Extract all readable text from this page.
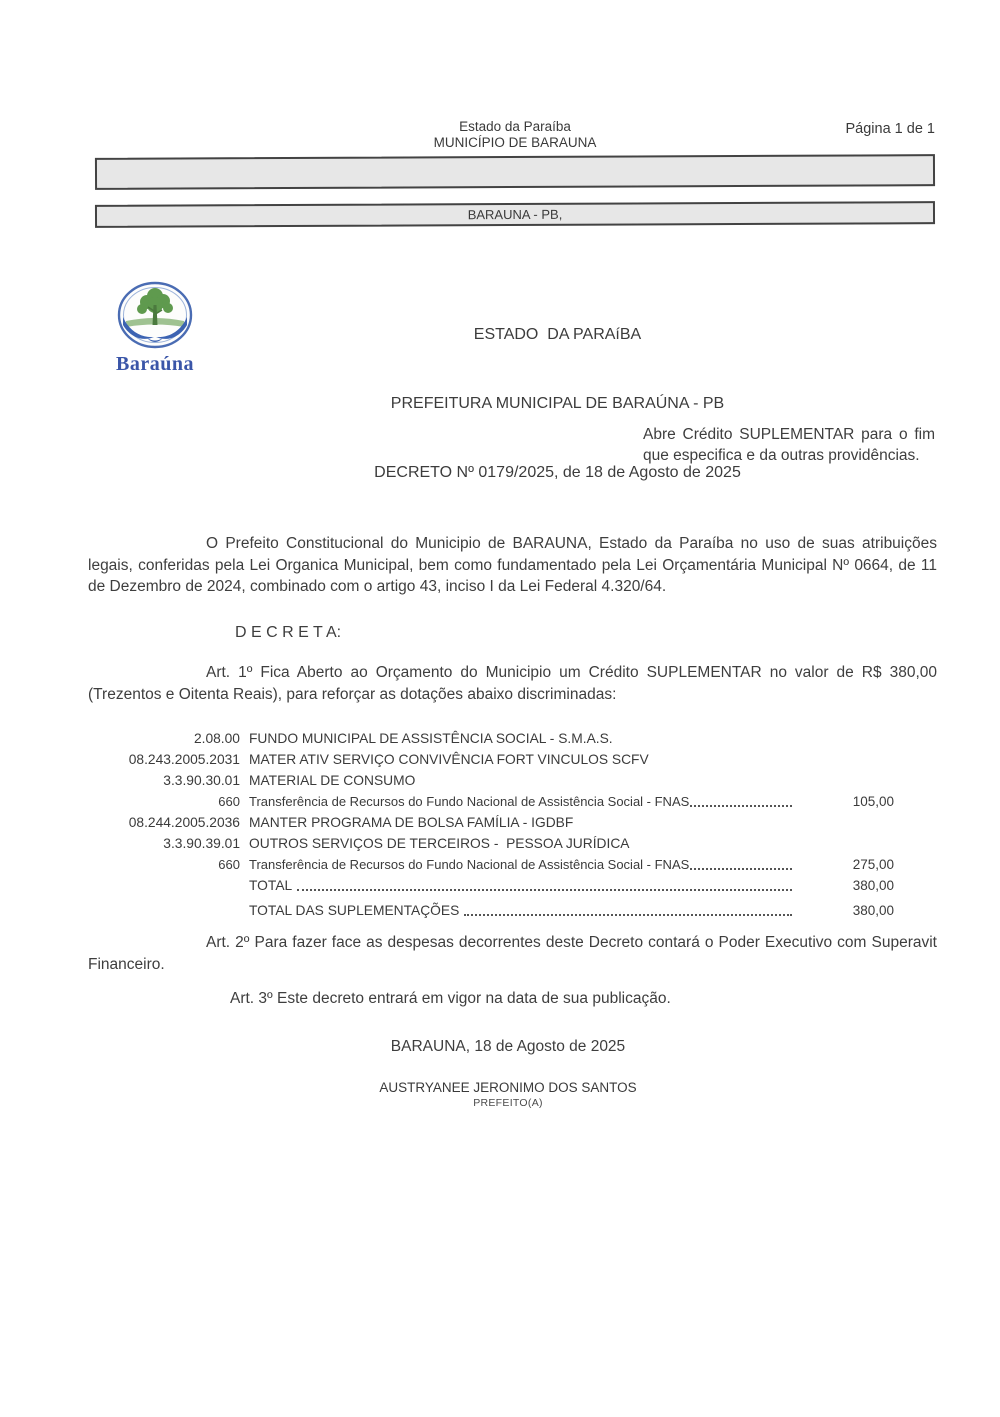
Estado da Paraíba
MUNICÍPIO DE BARAUNA
Página 1 de 1
BARAUNA - PB,
Baraúna

ESTADO  DA PARAíBA

PREFEITURA MUNICIPAL DE BARAÚNA - PB

DECRETO Nº 0179/2025, de 18 de Agosto de 2025

Abre Crédito SUPLEMENTAR para o fim que especifica e da outras providências.
O Prefeito Constitucional do Municipio de BARAUNA, Estado da Paraíba no uso de suas atribuições legais, conferidas pela Lei Organica Municipal, bem como fundamentado pela Lei Orçamentária Municipal Nº 0664, de 11 de Dezembro de 2024, combinado com o artigo 43, inciso I da Lei Federal 4.320/64.
D E C R E T A:
Art. 1º Fica Aberto ao Orçamento do Municipio um Crédito SUPLEMENTAR no valor de R$ 380,00 (Trezentos e Oitenta Reais), para reforçar as dotações abaixo discriminadas:
2.08.00 FUNDO MUNICIPAL DE ASSISTÊNCIA SOCIAL - S.M.A.S.
08.243.2005.2031 MATER ATIV SERVIÇO CONVIVÊNCIA FORT VINCULOS SCFV
3.3.90.30.01 MATERIAL DE CONSUMO
660 Transferência de Recursos do Fundo Nacional de Assistência Social - FNAS	105,00
08.244.2005.2036 MANTER PROGRAMA DE BOLSA FAMÍLIA - IGDBF
3.3.90.39.01 OUTROS SERVIÇOS DE TERCEIROS -  PESSOA JURÍDICA
660 Transferência de Recursos do Fundo Nacional de Assistência Social - FNAS	275,00
TOTAL	380,00
TOTAL DAS SUPLEMENTAÇÕES	380,00
Art. 2º Para fazer face as despesas decorrentes deste Decreto contará o Poder Executivo com Superavit Financeiro.
Art. 3º Este decreto entrará em vigor na data de sua publicação.
BARAUNA, 18 de Agosto de 2025
AUSTRYANEE JERONIMO DOS SANTOS
PREFEITO(A)
